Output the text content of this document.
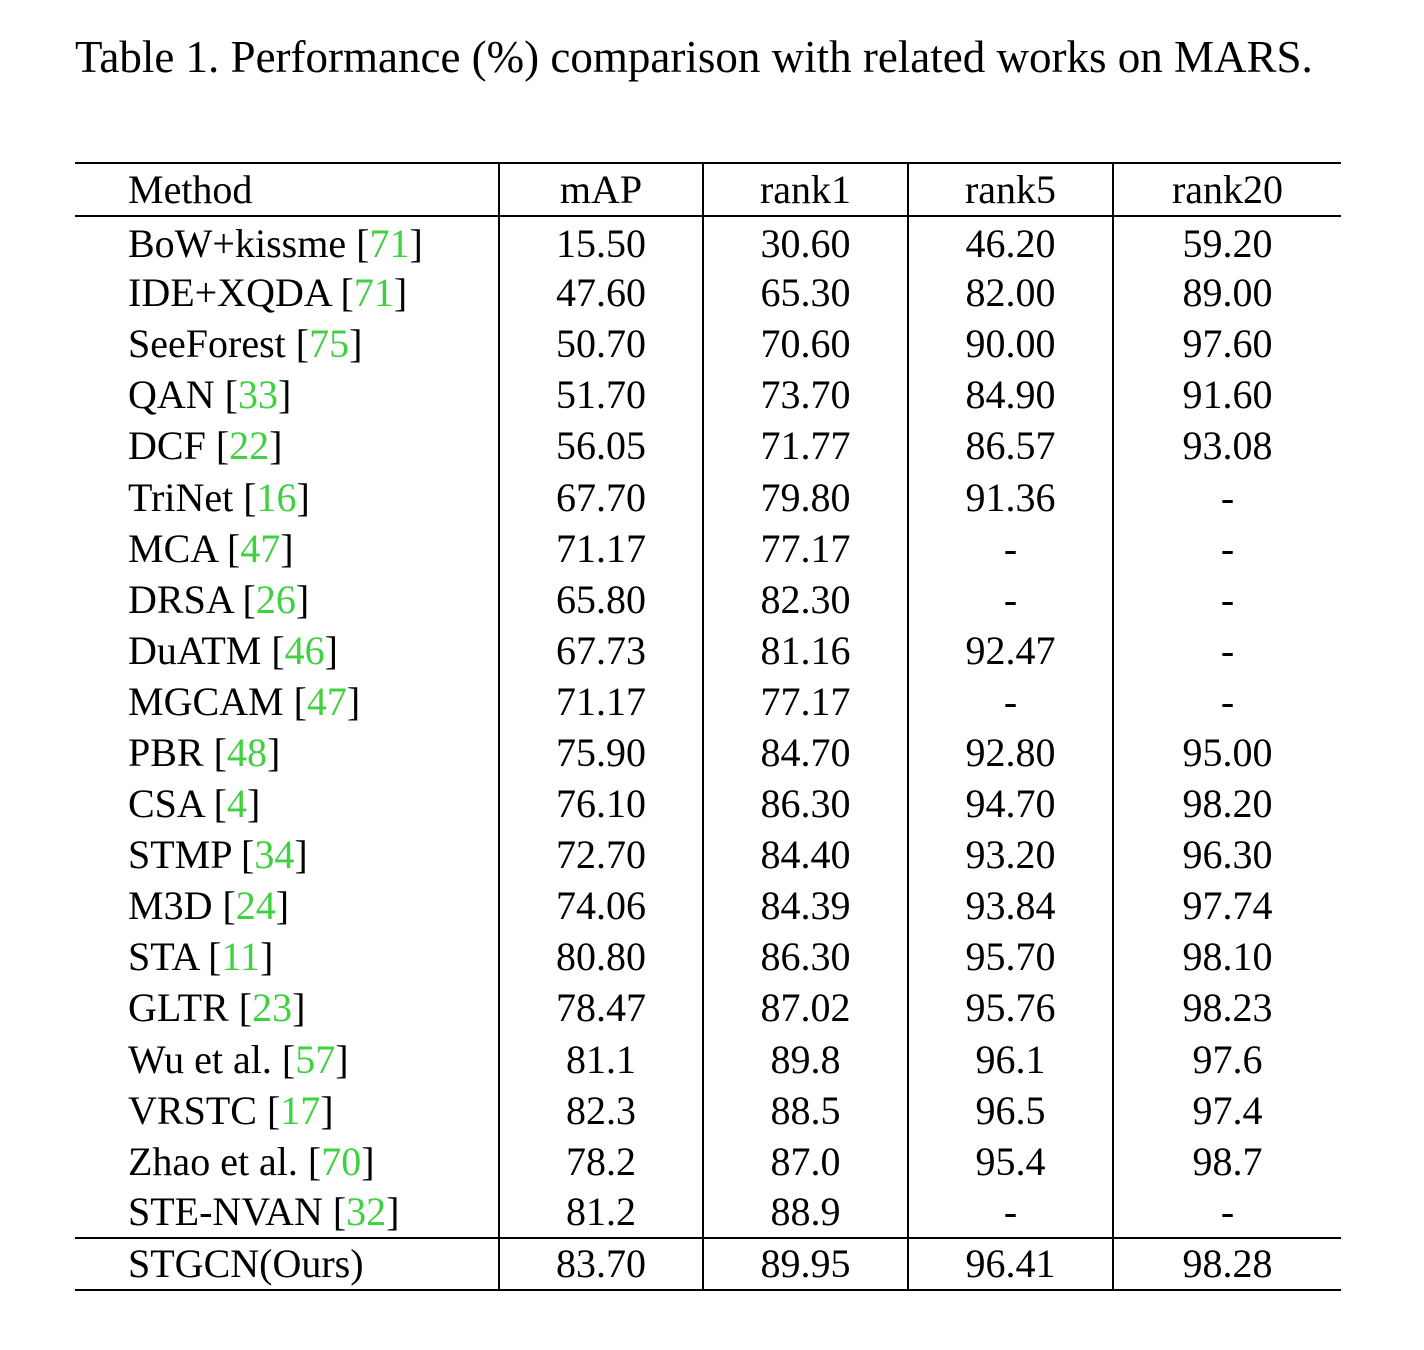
Table 1. Performance (%) comparison with related works on MARS.
Method	mAP	rank1	rank5	rank20
BoW+kissme [71]	15.50	30.60	46.20	59.20
IDE+XQDA [71]	47.60	65.30	82.00	89.00
SeeForest [75]	50.70	70.60	90.00	97.60
QAN [33]	51.70	73.70	84.90	91.60
DCF [22]	56.05	71.77	86.57	93.08
TriNet [16]	67.70	79.80	91.36	-
MCA [47]	71.17	77.17	-	-
DRSA [26]	65.80	82.30	-	-
DuATM [46]	67.73	81.16	92.47	-
MGCAM [47]	71.17	77.17	-	-
PBR [48]	75.90	84.70	92.80	95.00
CSA [4]	76.10	86.30	94.70	98.20
STMP [34]	72.70	84.40	93.20	96.30
M3D [24]	74.06	84.39	93.84	97.74
STA [11]	80.80	86.30	95.70	98.10
GLTR [23]	78.47	87.02	95.76	98.23
Wu et al. [57]	81.1	89.8	96.1	97.6
VRSTC [17]	82.3	88.5	96.5	97.4
Zhao et al. [70]	78.2	87.0	95.4	98.7
STE-NVAN [32]	81.2	88.9	-	-
STGCN(Ours)	83.70	89.95	96.41	98.28
